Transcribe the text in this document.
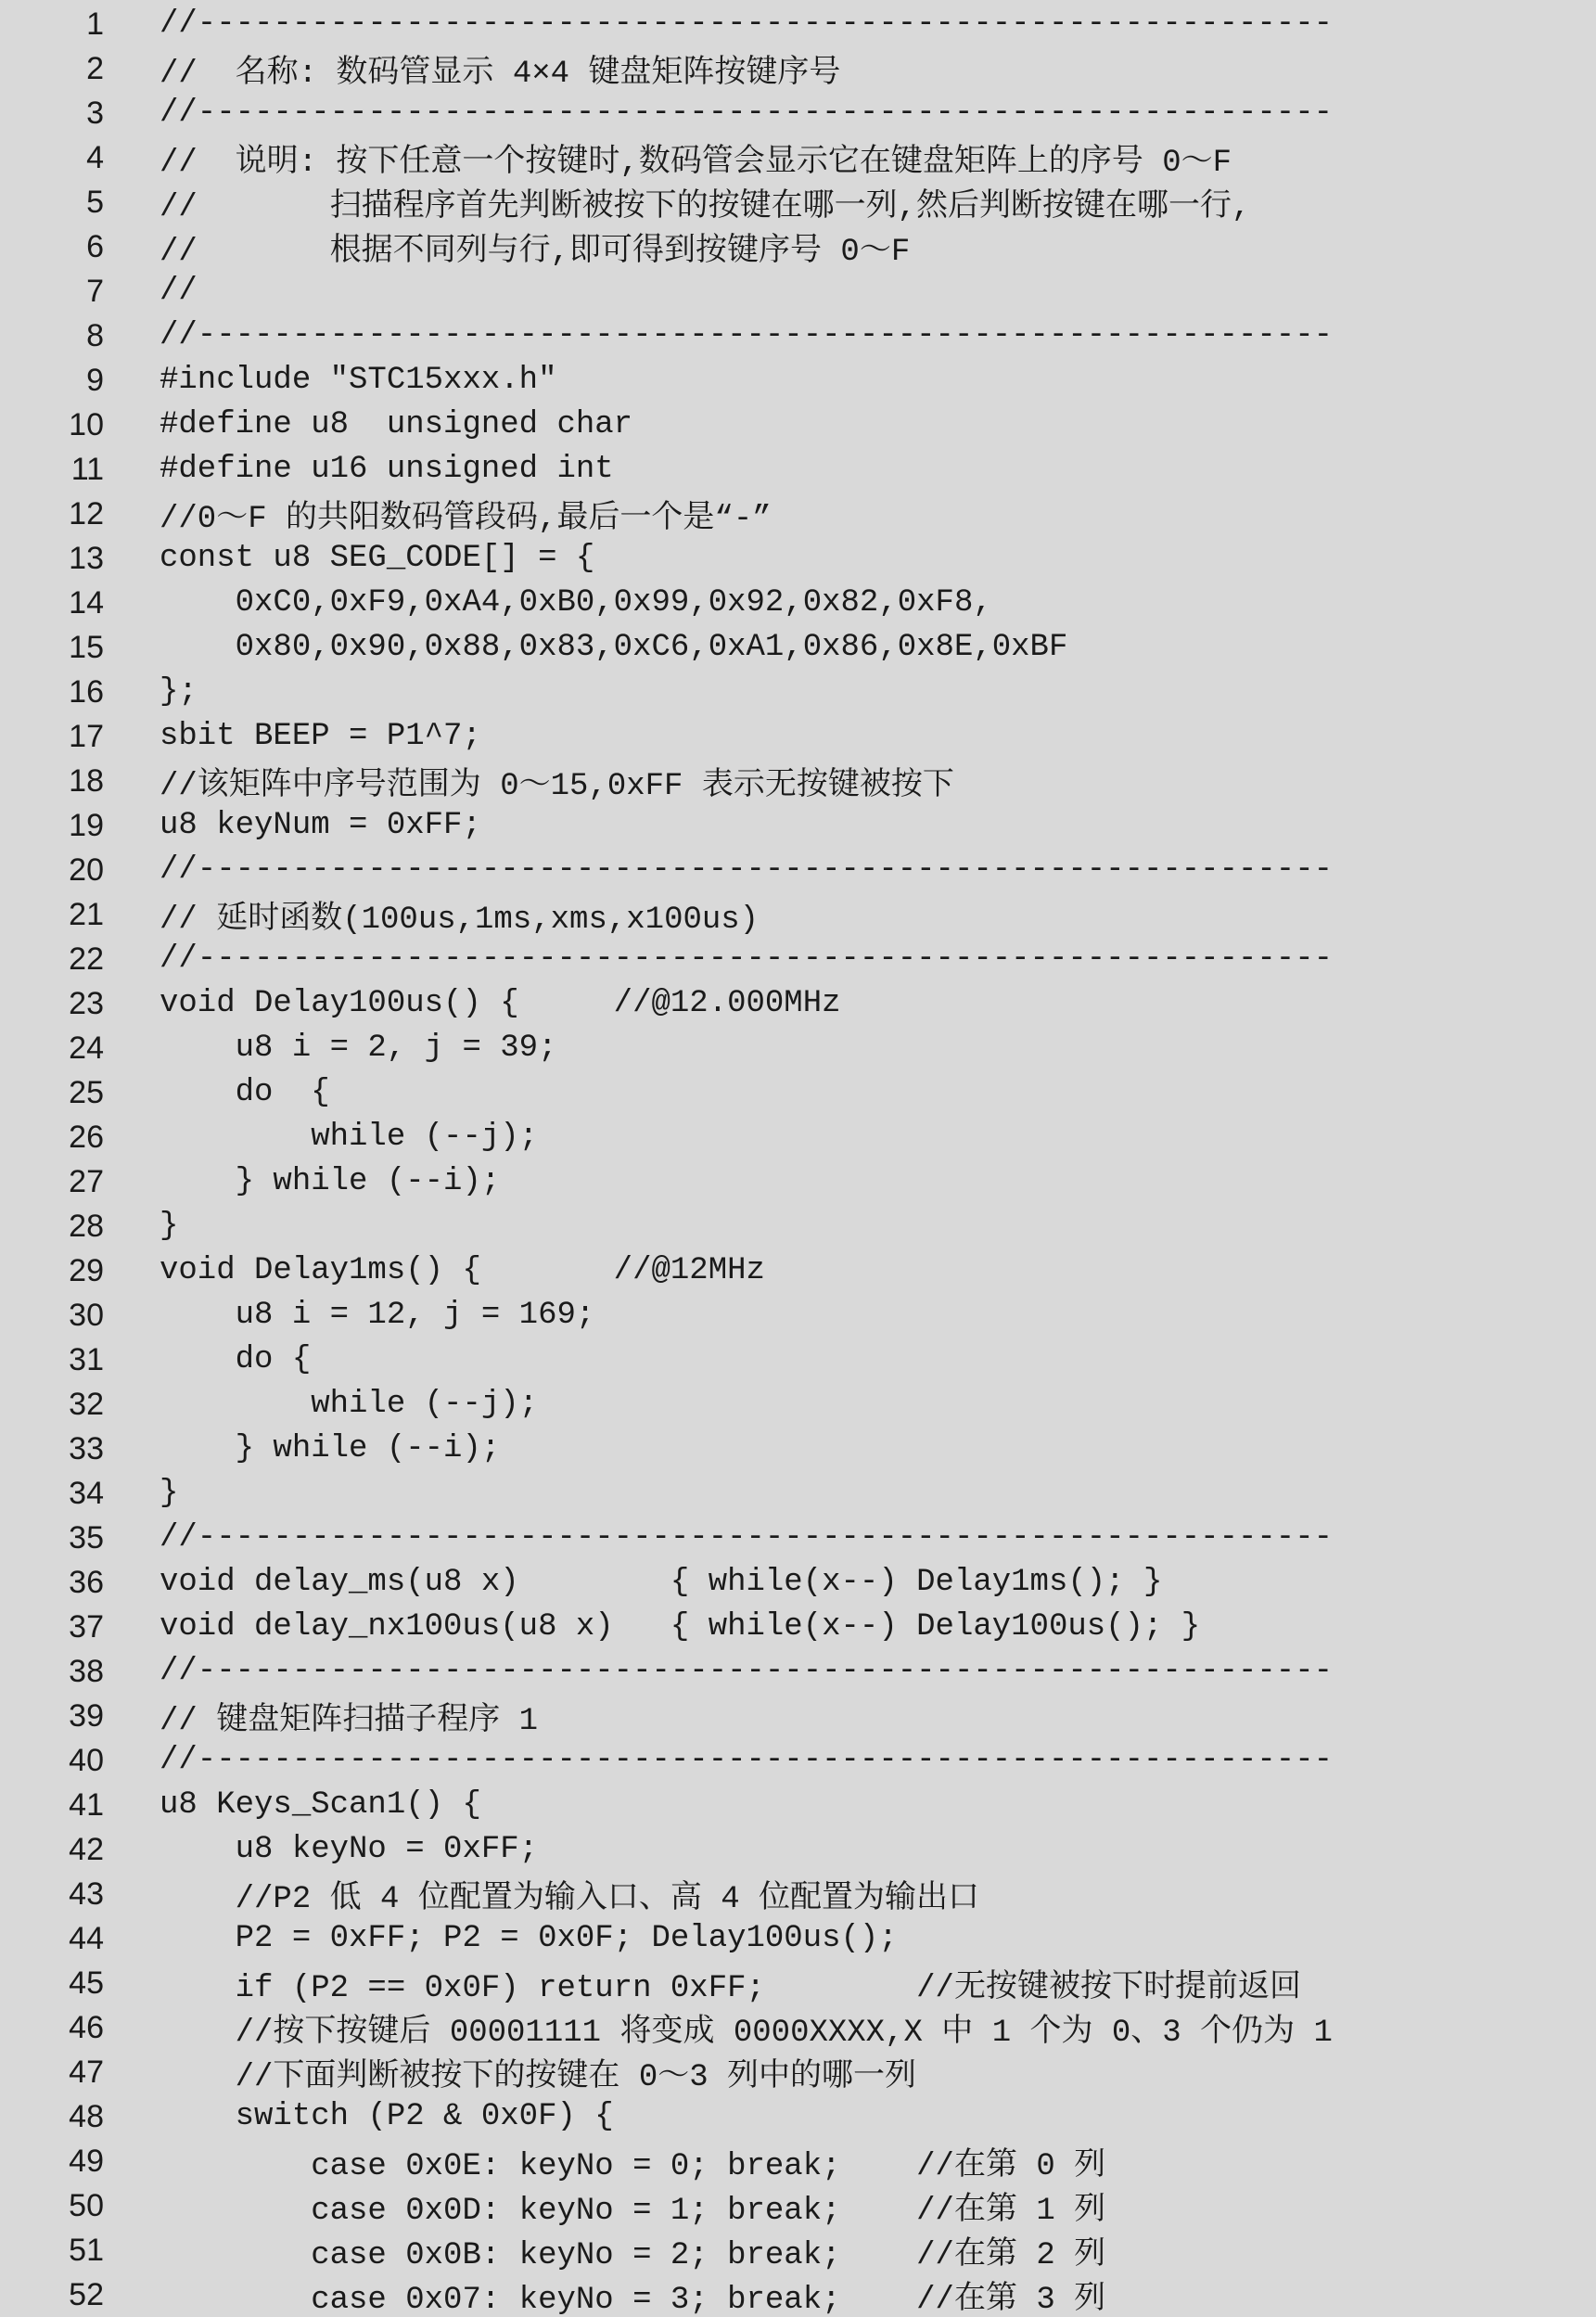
1 //------------------------------------------------------------
2 //  名称: 数码管显示 4×4 键盘矩阵按键序号
3 //------------------------------------------------------------
4 //  说明: 按下任意一个按键时,数码管会显示它在键盘矩阵上的序号 0～F
5 //       扫描程序首先判断被按下的按键在哪一列,然后判断按键在哪一行,
6 //       根据不同列与行,即可得到按键序号 0～F
7 //
8 //------------------------------------------------------------
9 #include "STC15xxx.h"
10 #define u8  unsigned char
11 #define u16 unsigned int
12 //0～F 的共阳数码管段码,最后一个是“-”
13 const u8 SEG_CODE[] = {
14 0xC0,0xF9,0xA4,0xB0,0x99,0x92,0x82,0xF8,
15 0x80,0x90,0x88,0x83,0xC6,0xA1,0x86,0x8E,0xBF
16 };
17 sbit BEEP = P1^7;
18 //该矩阵中序号范围为 0～15,0xFF 表示无按键被按下
19 u8 keyNum = 0xFF;
20 //------------------------------------------------------------
21 // 延时函数(100us,1ms,xms,x100us)
22 //------------------------------------------------------------
23 void Delay100us() {     //@12.000MHz
24 u8 i = 2, j = 39;
25 do  {
26 while (--j);
27 } while (--i);
28 }
29 void Delay1ms() {       //@12MHz
30 u8 i = 12, j = 169;
31 do {
32 while (--j);
33 } while (--i);
34 }
35 //------------------------------------------------------------
36 void delay_ms(u8 x)        { while(x--) Delay1ms(); }
37 void delay_nx100us(u8 x)   { while(x--) Delay100us(); }
38 //------------------------------------------------------------
39 // 键盘矩阵扫描子程序 1
40 //------------------------------------------------------------
41 u8 Keys_Scan1() {
42 u8 keyNo = 0xFF;
43 //P2 低 4 位配置为输入口、高 4 位配置为输出口
44 P2 = 0xFF; P2 = 0x0F; Delay100us();
45 if (P2 == 0x0F) return 0xFF;        //无按键被按下时提前返回
46 //按下按键后 00001111 将变成 0000XXXX,X 中 1 个为 0、3 个仍为 1
47 //下面判断被按下的按键在 0～3 列中的哪一列
48 switch (P2 & 0x0F) {
49 case 0x0E: keyNo = 0; break;    //在第 0 列
50 case 0x0D: keyNo = 1; break;    //在第 1 列
51 case 0x0B: keyNo = 2; break;    //在第 2 列
52 case 0x07: keyNo = 3; break;    //在第 3 列
